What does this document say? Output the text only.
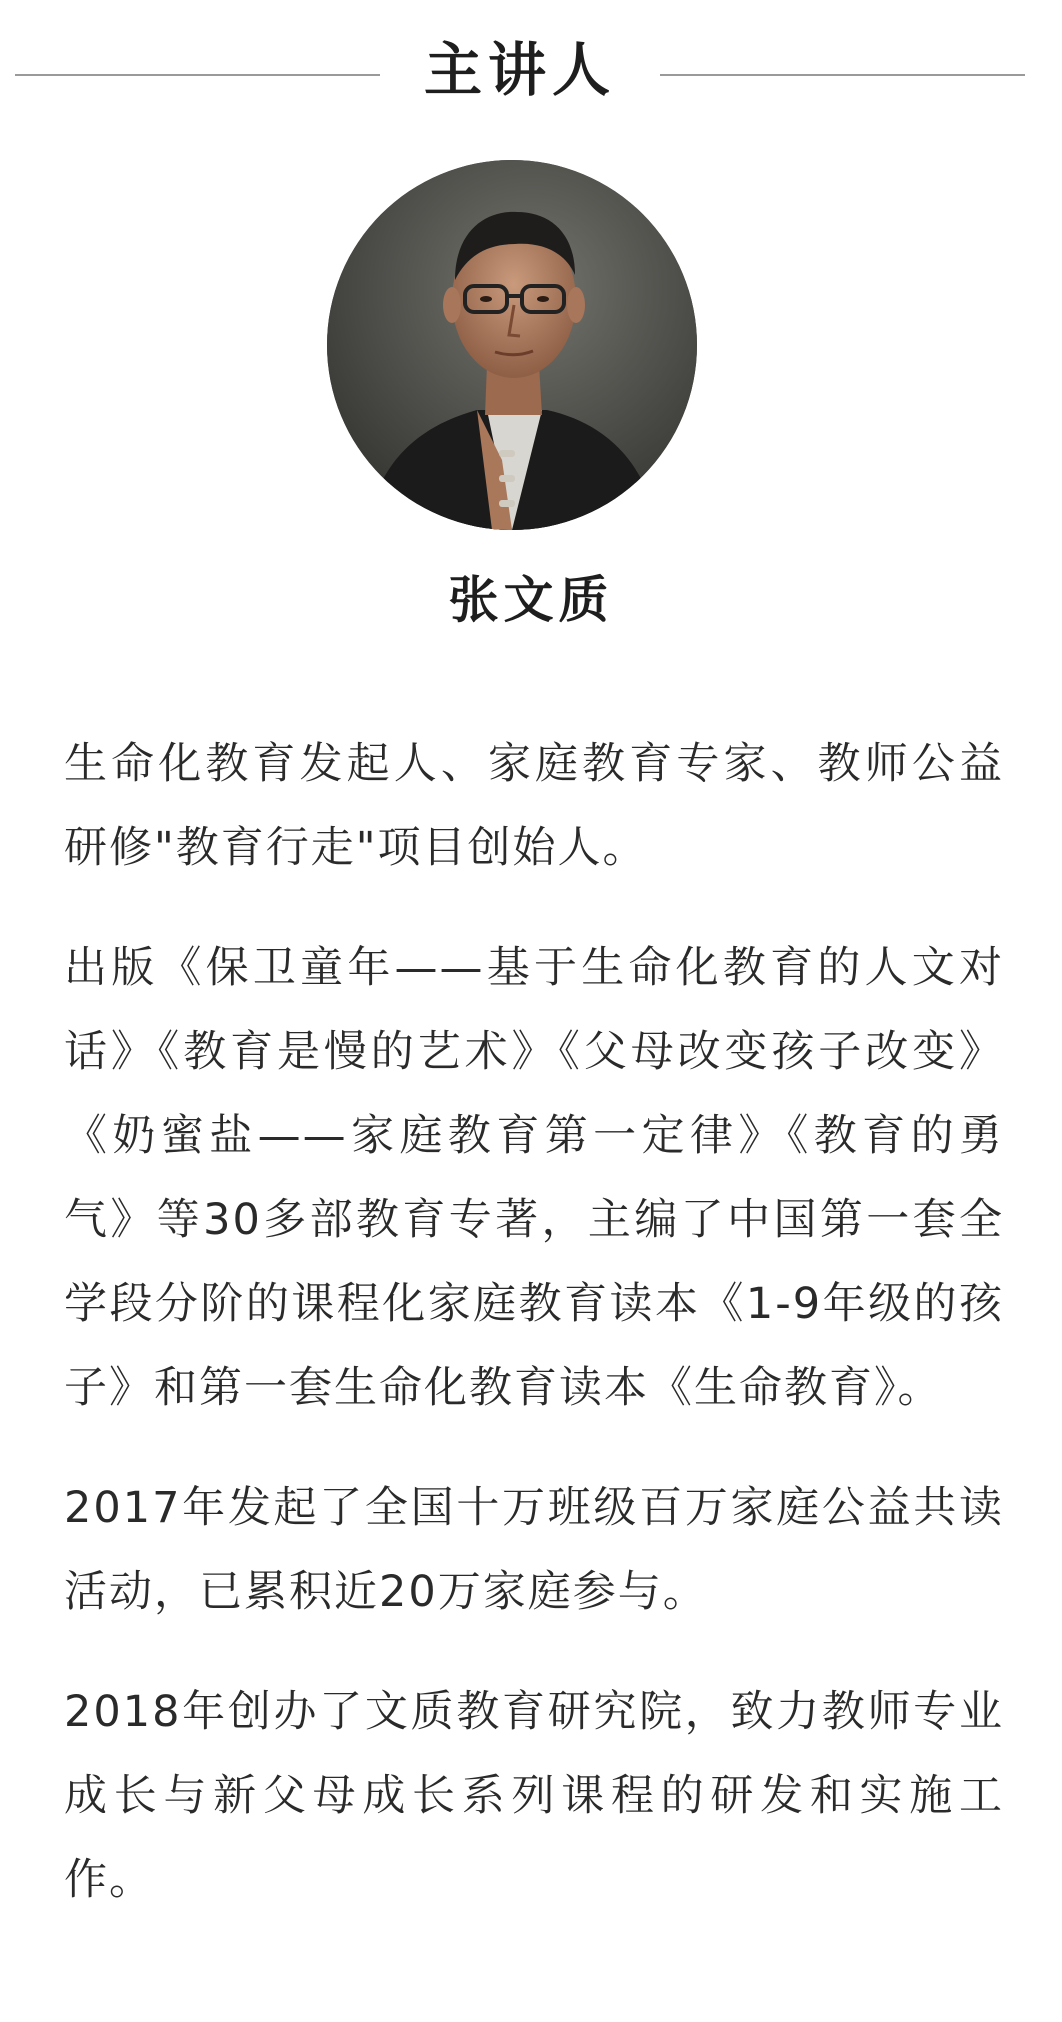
主讲人
张文质

生命化教育发起人、家庭教育专家、教师公益研修"教育行走"项目创始人。

出版《保卫童年——基于生命化教育的人文对话》《教育是慢的艺术》《父母改变孩子改变》《奶蜜盐——家庭教育第一定律》《教育的勇气》等30多部教育专著，主编了中国第一套全学段分阶的课程化家庭教育读本《1-9年级的孩子》和第一套生命化教育读本《生命教育》。

2017年发起了全国十万班级百万家庭公益共读活动，已累积近20万家庭参与。

2018年创办了文质教育研究院，致力教师专业成长与新父母成长系列课程的研发和实施工作。
